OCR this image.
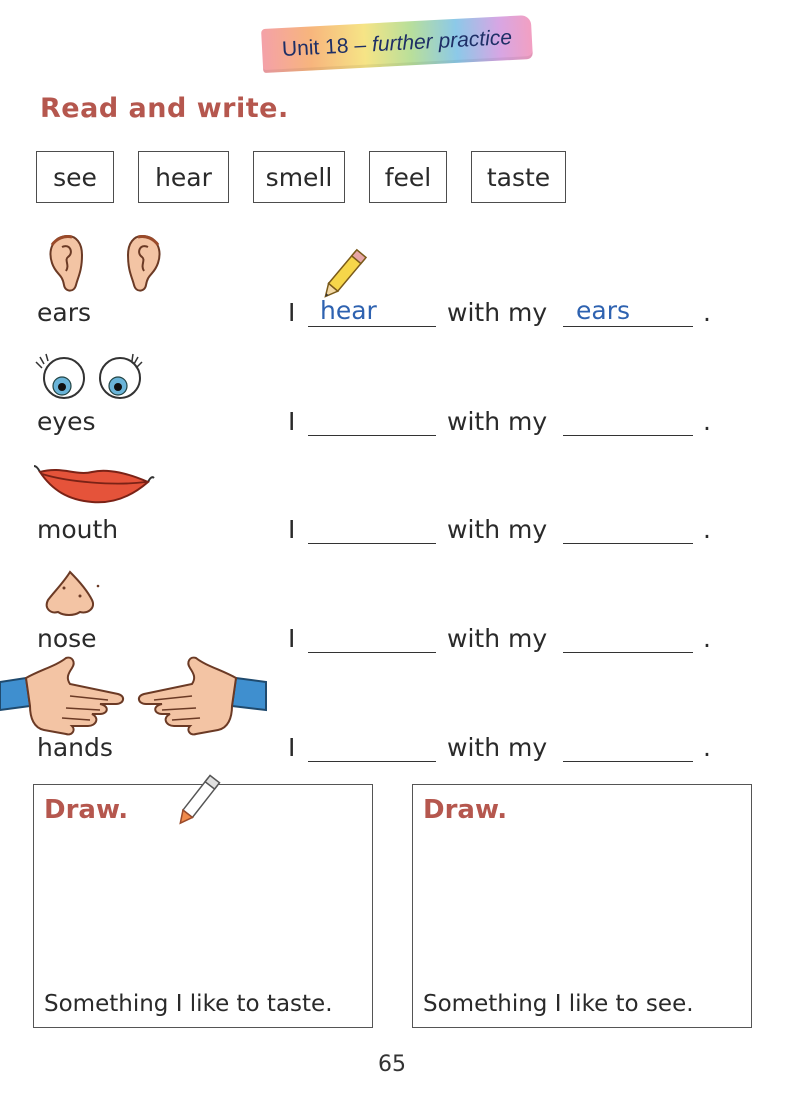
Unit 18 – further practice
Read and write.
see	hear	smell	feel	taste
ears	I hear	with my ears	.
eyes	I	with my	.
mouth	I	with my	.
nose	I	with my	.
hands	I	with my	.
Draw.
Something I like to taste.
Draw.
Something I like to see.
65
